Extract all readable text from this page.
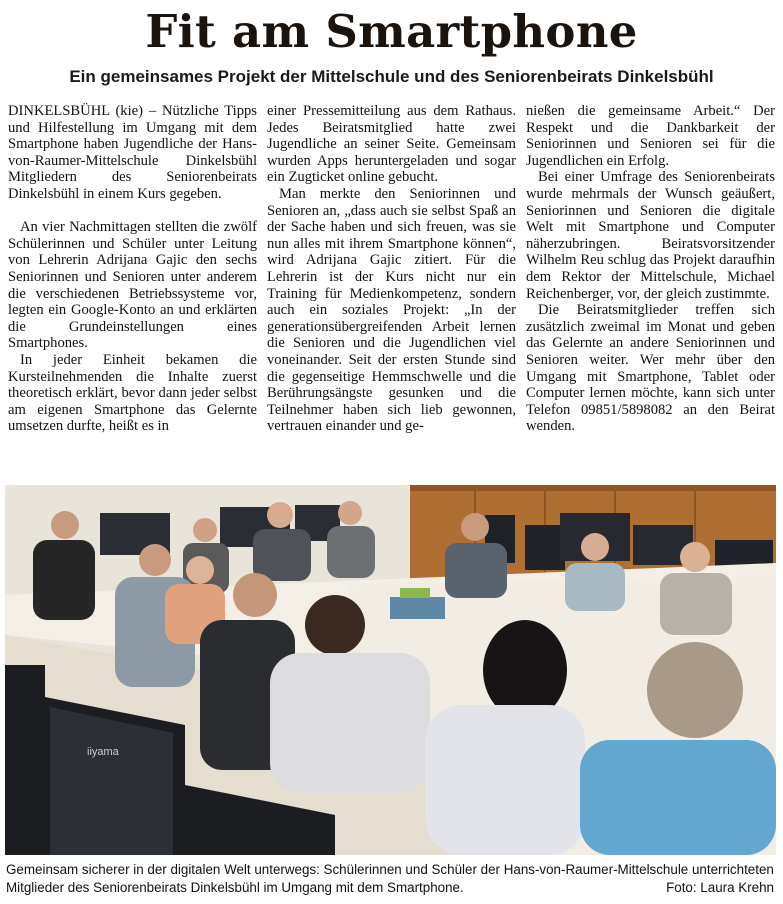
Fit am Smartphone
Ein gemeinsames Projekt der Mittelschule und des Seniorenbeirats Dinkelsbühl

DINKELSBÜHL (kie) – Nützliche Tipps und Hilfestellung im Umgang mit dem Smartphone haben Jugendliche der Hans-von-Raumer-Mittelschule Dinkelsbühl Mitgliedern des Seniorenbeirats Dinkelsbühl in einem Kurs gegeben.

An vier Nachmittagen stellten die zwölf Schülerinnen und Schüler unter Leitung von Lehrerin Adrijana Gajic den sechs Seniorinnen und Senioren unter anderem die verschiedenen Betriebssysteme vor, legten ein Google-Konto an und erklärten die Grundeinstellungen eines Smartphones.

In jeder Einheit bekamen die Kursteilnehmenden die Inhalte zuerst theoretisch erklärt, bevor dann jeder selbst am eigenen Smartphone das Gelernte umsetzen durfte, heißt es in

einer Pressemitteilung aus dem Rathaus. Jedes Beiratsmitglied hatte zwei Jugendliche an seiner Seite. Gemeinsam wurden Apps heruntergeladen und sogar ein Zugticket online gebucht.

Man merkte den Seniorinnen und Senioren an, „dass auch sie selbst Spaß an der Sache haben und sich freuen, was sie nun alles mit ihrem Smartphone können“, wird Adrijana Gajic zitiert. Für die Lehrerin ist der Kurs nicht nur ein Training für Medienkompetenz, sondern auch ein soziales Projekt: „In der generationsübergreifenden Arbeit lernen die Senioren und die Jugendlichen viel voneinander. Seit der ersten Stunde sind die gegenseitige Hemmschwelle und die Berührungsängste gesunken und die Teilnehmer haben sich lieb gewonnen, vertrauen einander und ge-

nießen die gemeinsame Arbeit.“ Der Respekt und die Dankbarkeit der Seniorinnen und Senioren sei für die Jugendlichen ein Erfolg.

Bei einer Umfrage des Seniorenbeirats wurde mehrmals der Wunsch geäußert, Seniorinnen und Senioren die digitale Welt mit Smartphone und Computer näherzubringen. Beiratsvorsitzender Wilhelm Reu schlug das Projekt daraufhin dem Rektor der Mittelschule, Michael Reichenberger, vor, der gleich zustimmte.

Die Beiratsmitglieder treffen sich zusätzlich zweimal im Monat und geben das Gelernte an andere Seniorinnen und Senioren weiter. Wer mehr über den Umgang mit Smartphone, Tablet oder Computer lernen möchte, kann sich unter Telefon 09851/5898082 an den Beirat wenden.

iiyama
Gemeinsam sicherer in der digitalen Welt unterwegs: Schülerinnen und Schüler der Hans-von-Raumer-Mittelschule unterrichteten Mitglieder des Seniorenbeirats Dinkelsbühl im Umgang mit dem Smartphone.	Foto: Laura Krehn
